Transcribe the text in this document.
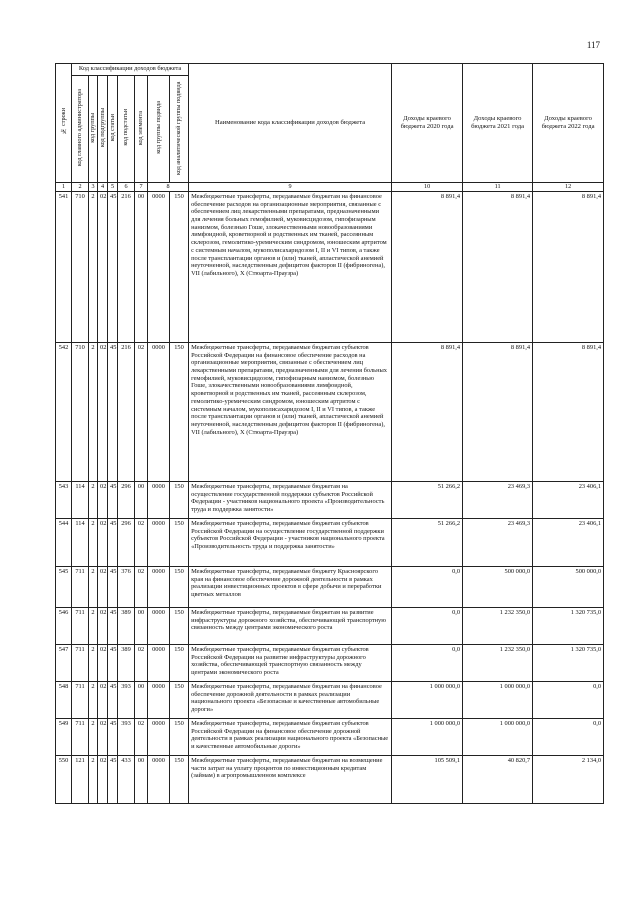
117
№ строки	Код классификации доходов бюджета								Наименование кода классификации доходов бюджета	Доходы краевого бюджета 2020 года	Доходы краевого бюджета 2021 года	Доходы краевого бюджета 2022 года
	код главного администратора	код группы	код подгруппы	код статьи	код подстатьи	код элемента	код группы подвида	код аналитической группы подвида				
1	2	3	4	5	6	7	8		9	10	11	12
541	710	2	02	45	216	00	0000	150	Межбюджетные трансферты, передаваемые бюджетам на финансовое обеспечение расходов на организационные мероприятия, связанные с обеспечением лиц лекарственными препаратами, предназначенными для лечения больных гемофилией, муковисцидозом, гипофизарным нанизмом, болезнью Гоше, злокачественными новообразованиями лимфоидной, кроветворной и родственных им тканей, рассеянным склерозом, гемолитико-уремическим синдромом, юношеским артритом с системным началом, мукополисахаридозом I, II и VI типов, а также после трансплантации органов и (или) тканей, апластической анемией неуточненной, наследственным дефицитом факторов II (фибриногена), VII (лабильного), X (Стюарта-Праузра)	8 891,4	8 891,4	8 891,4
542	710	2	02	45	216	02	0000	150	Межбюджетные трансферты, передаваемые бюджетам субъектов Российской Федерации на финансовое обеспечение расходов на организационные мероприятия, связанные с обеспечением лиц лекарственными препаратами, предназначенными для лечения больных гемофилией, муковисцидозом, гипофизарным нанизмом, болезнью Гоше, злокачественными новообразованиями лимфоидной, кроветворной и родственных им тканей, рассеянным склерозом, гемолитико-уремическим синдромом, юношеским артритом с системным началом, мукополисахаридозом I, II и VI типов, а также после трансплантации органов и (или) тканей, апластической анемией неуточненной, наследственным дефицитом факторов II (фибриногена), VII (лабильного), X (Стюарта-Праузра)	8 891,4	8 891,4	8 891,4
543	114	2	02	45	296	00	0000	150	Межбюджетные трансферты, передаваемые бюджетам на осуществление государственной поддержки субъектов Российской Федерации - участников национального проекта «Производительность труда и поддержка занятости»	51 266,2	23 469,3	23 406,1
544	114	2	02	45	296	02	0000	150	Межбюджетные трансферты, передаваемые бюджетам субъектов Российской Федерации на осуществление государственной поддержки субъектов Российской Федерации - участников национального проекта «Производительность труда и поддержка занятости»	51 266,2	23 469,3	23 406,1
545	711	2	02	45	376	02	0000	150	Межбюджетные трансферты, передаваемые бюджету Красноярского края на финансовое обеспечение дорожной деятельности в рамках реализации инвестиционных проектов в сфере добычи и переработки цветных металлов	0,0	500 000,0	500 000,0
546	711	2	02	45	389	00	0000	150	Межбюджетные трансферты, передаваемые бюджетам на развитие инфраструктуры дорожного хозяйства, обеспечивающей транспортную связанность между центрами экономического роста	0,0	1 232 350,0	1 320 735,0
547	711	2	02	45	389	02	0000	150	Межбюджетные трансферты, передаваемые бюджетам субъектов Российской Федерации на развитие инфраструктуры дорожного хозяйства, обеспечивающей транспортную связанность между центрами экономического роста	0,0	1 232 350,0	1 320 735,0
548	711	2	02	45	393	00	0000	150	Межбюджетные трансферты, передаваемые бюджетам на финансовое обеспечение дорожной деятельности в рамках реализации национального проекта «Безопасные и качественные автомобильные дороги»	1 000 000,0	1 000 000,0	0,0
549	711	2	02	45	393	02	0000	150	Межбюджетные трансферты, передаваемые бюджетам субъектов Российской Федерации на финансовое обеспечение дорожной деятельности в рамках реализации национального проекта «Безопасные и качественные автомобильные дороги»	1 000 000,0	1 000 000,0	0,0
550	121	2	02	45	433	00	0000	150	Межбюджетные трансферты, передаваемые бюджетам на возмещение части затрат на уплату процентов по инвестиционным кредитам (займам) в агропромышленном комплексе	105 509,1	40 820,7	2 134,0
